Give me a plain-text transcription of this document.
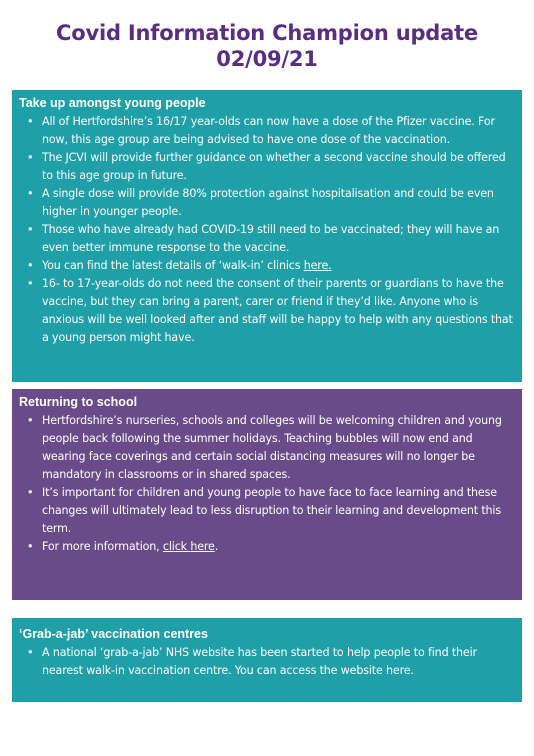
Covid Information Champion update
02/09/21
Take up amongst young people
• All of Hertfordshire’s 16/17 year-olds can now have a dose of the Pfizer vaccine. For now, this age group are being advised to have one dose of the vaccination.
• The JCVI will provide further guidance on whether a second vaccine should be offered to this age group in future.
• A single dose will provide 80% protection against hospitalisation and could be even higher in younger people.
• Those who have already had COVID-19 still need to be vaccinated; they will have an even better immune response to the vaccine.
• You can find the latest details of ‘walk-in’ clinics here.
• 16- to 17-year-olds do not need the consent of their parents or guardians to have the vaccine, but they can bring a parent, carer or friend if they’d like. Anyone who is anxious will be well looked after and staff will be happy to help with any questions that a young person might have.
Returning to school
• Hertfordshire’s nurseries, schools and colleges will be welcoming children and young people back following the summer holidays. Teaching bubbles will now end and wearing face coverings and certain social distancing measures will no longer be mandatory in classrooms or in shared spaces.
• It’s important for children and young people to have face to face learning and these changes will ultimately lead to less disruption to their learning and development this term.
• For more information, click here.
‘Grab-a-jab’ vaccination centres
• A national ‘grab-a-jab’ NHS website has been started to help people to find their nearest walk-in vaccination centre. You can access the website here.
